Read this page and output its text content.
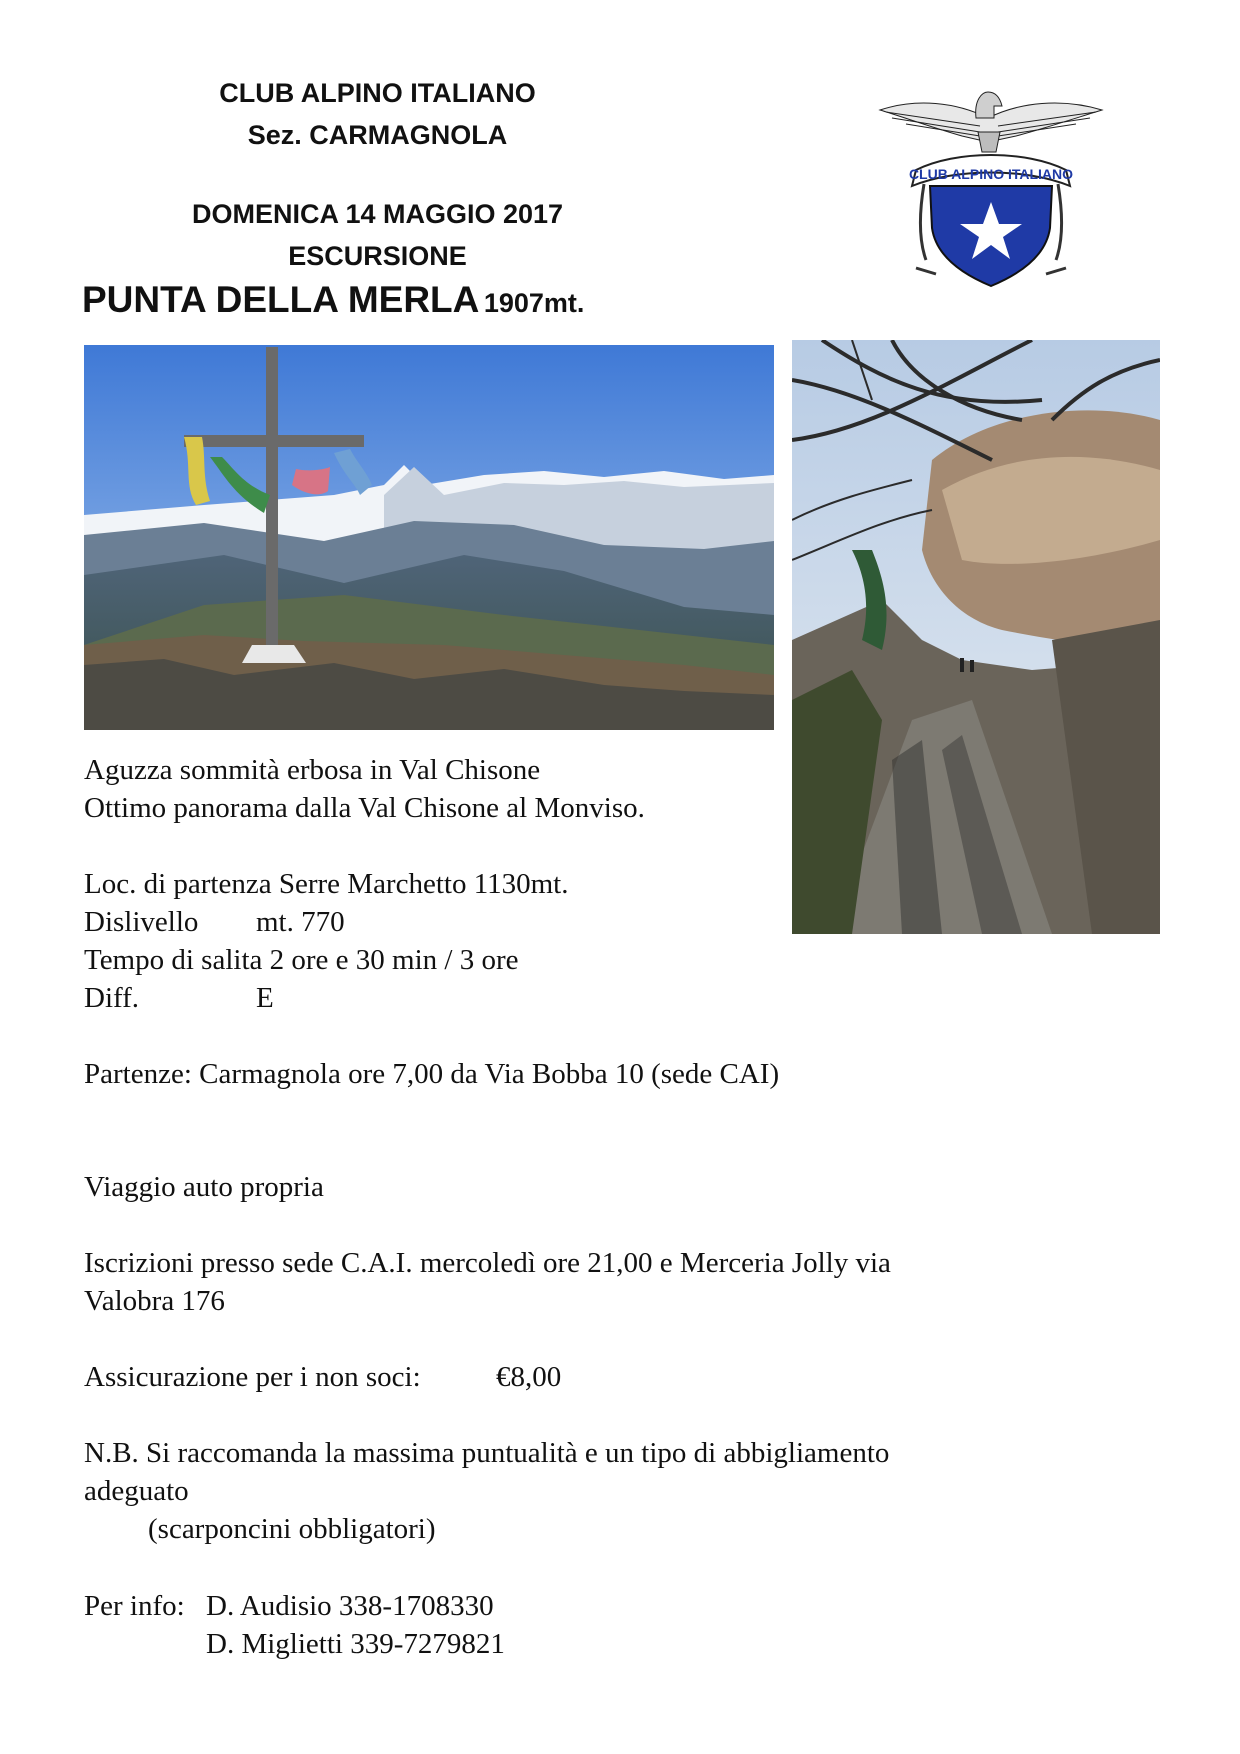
CLUB ALPINO ITALIANO
Sez. CARMAGNOLA
DOMENICA 14 MAGGIO 2017
ESCURSIONE
PUNTA DELLA MERLA 1907mt.
CLUB ALPINO ITALIANO
Aguzza sommità erbosa in Val Chisone
Ottimo panorama dalla Val Chisone al Monviso.
Loc. di partenza Serre Marchetto 1130mt.
Dislivello mt. 770
Tempo di salita 2 ore e 30 min / 3 ore
Diff.	E
Partenze: Carmagnola ore 7,00 da Via Bobba 10 (sede CAI)
Viaggio auto propria
Iscrizioni presso sede C.A.I. mercoledì ore 21,00 e Merceria Jolly via
Valobra 176
Assicurazione per i non soci:	€8,00
N.B. Si raccomanda la massima puntualità e un tipo di abbigliamento
adeguato
(scarponcini obbligatori)
Per info: D. Audisio 338-1708330
D. Miglietti 339-7279821
